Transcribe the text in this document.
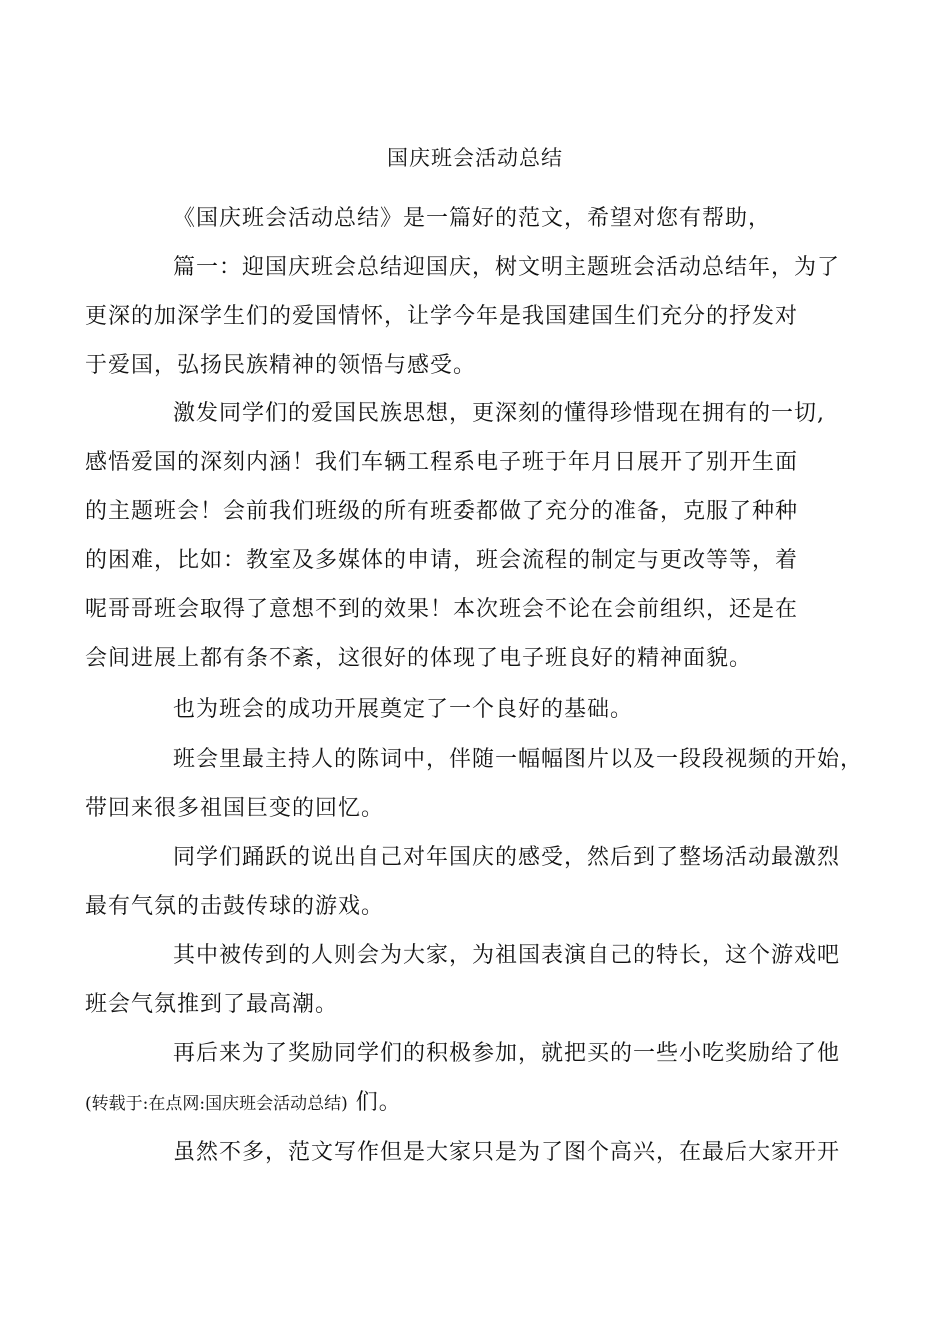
国庆班会活动总结
《国庆班会活动总结》是一篇好的范文，希望对您有帮助，
篇一：迎国庆班会总结迎国庆，树文明主题班会活动总结年，为了
更深的加深学生们的爱国情怀，让学今年是我国建国生们充分的抒发对
于爱国，弘扬民族精神的领悟与感受。
激发同学们的爱国民族思想，更深刻的懂得珍惜现在拥有的一切,
感悟爱国的深刻内涵！我们车辆工程系电子班于年月日展开了别开生面
的主题班会！会前我们班级的所有班委都做了充分的准备，克服了种种
的困难，比如：教室及多媒体的申请，班会流程的制定与更改等等，着
呢哥哥班会取得了意想不到的效果！本次班会不论在会前组织，还是在
会间进展上都有条不紊，这很好的体现了电子班良好的精神面貌。
也为班会的成功开展奠定了一个良好的基础。
班会里最主持人的陈词中，伴随一幅幅图片以及一段段视频的开始，
带回来很多祖国巨变的回忆。
同学们踊跃的说出自己对年国庆的感受，然后到了整场活动最激烈
最有气氛的击鼓传球的游戏。
其中被传到的人则会为大家，为祖国表演自己的特长，这个游戏吧
班会气氛推到了最高潮。
再后来为了奖励同学们的积极参加，就把买的一些小吃奖励给了他
(转载于:在点网:国庆班会活动总结) 们。
虽然不多，范文写作但是大家只是为了图个高兴，在最后大家开开
